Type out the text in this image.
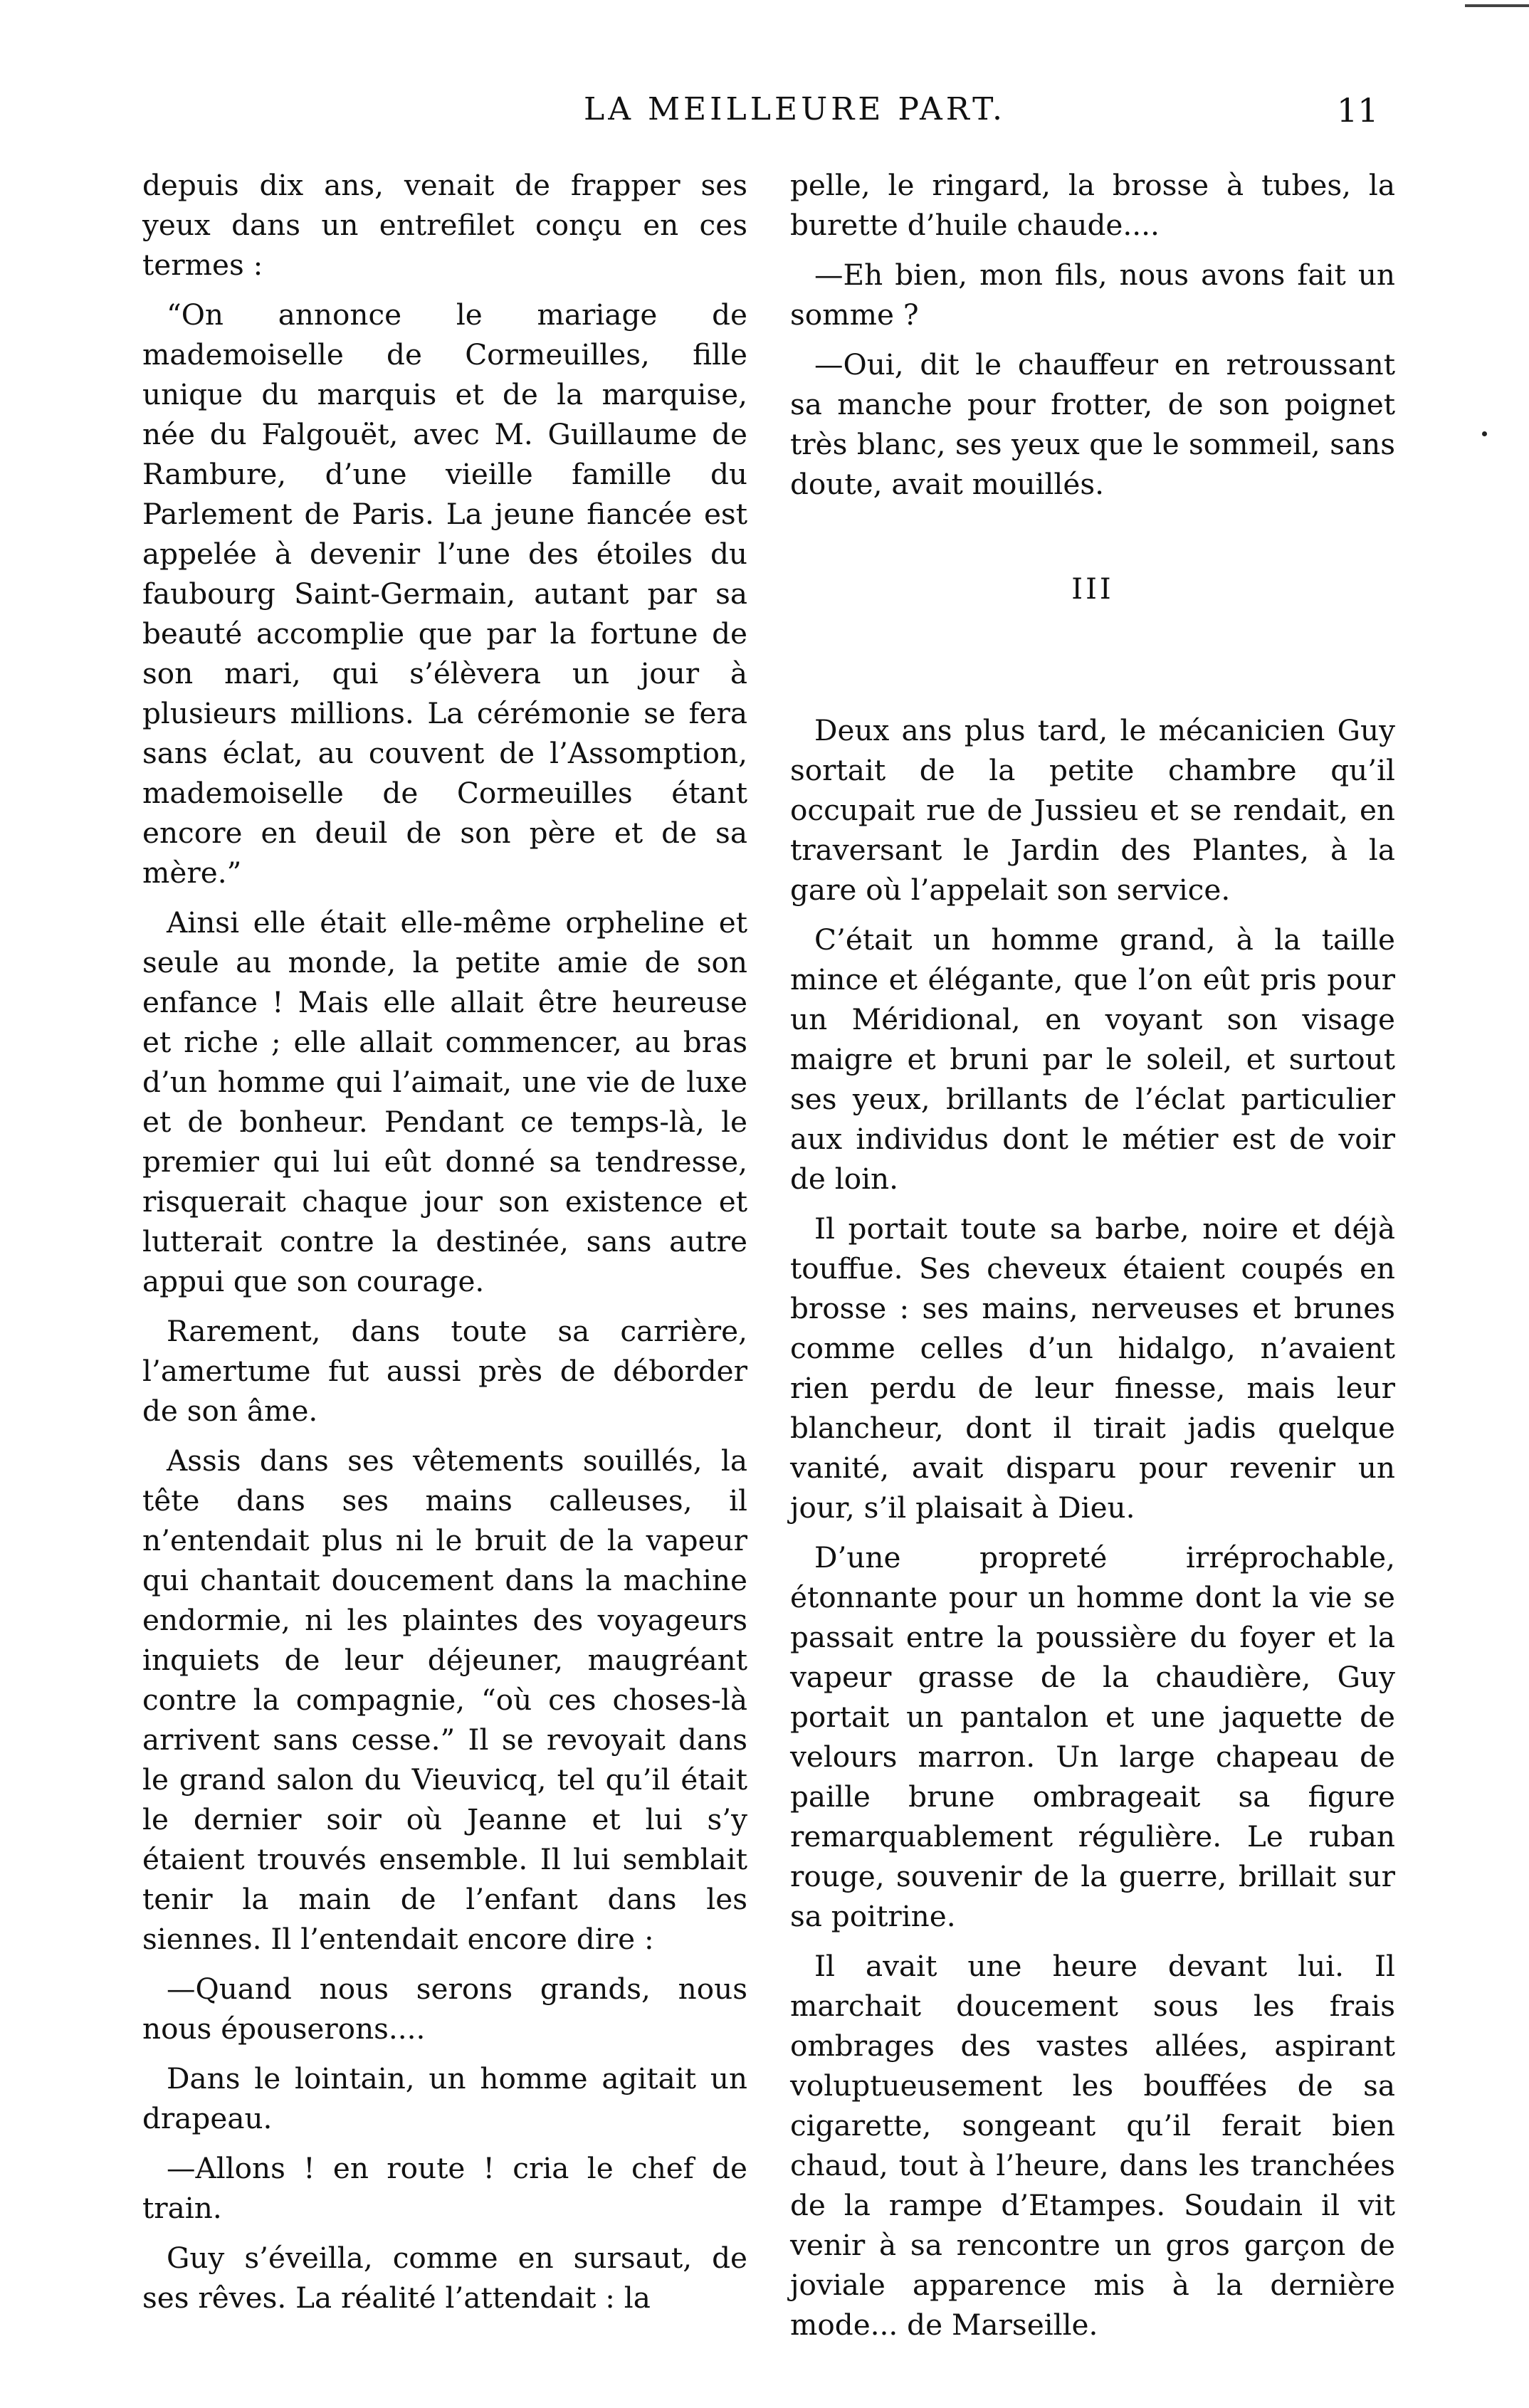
LA MEILLEURE PART.	11

depuis dix ans, venait de frapper ses yeux dans un entrefilet conçu en ces termes :

“On annonce le mariage de mademoiselle de Cormeuilles, fille unique du marquis et de la marquise, née du Falgouët, avec M. Guillaume de Rambure, d’une vieille famille du Parlement de Paris. La jeune fiancée est appelée à devenir l’une des étoiles du faubourg Saint-Germain, autant par sa beauté accomplie que par la fortune de son mari, qui s’élèvera un jour à plusieurs millions. La cérémonie se fera sans éclat, au couvent de l’Assomption, mademoiselle de Cormeuilles étant encore en deuil de son père et de sa mère.”

Ainsi elle était elle-même orpheline et seule au monde, la petite amie de son enfance ! Mais elle allait être heureuse et riche ; elle allait commencer, au bras d’un homme qui l’aimait, une vie de luxe et de bonheur. Pendant ce temps-là, le premier qui lui eût donné sa tendresse, risquerait chaque jour son existence et lutterait contre la destinée, sans autre appui que son courage.

Rarement, dans toute sa carrière, l’amertume fut aussi près de déborder de son âme.

Assis dans ses vêtements souillés, la tête dans ses mains calleuses, il n’entendait plus ni le bruit de la vapeur qui chantait doucement dans la machine endormie, ni les plaintes des voyageurs inquiets de leur déjeuner, maugréant contre la compagnie, “où ces choses-là arrivent sans cesse.” Il se revoyait dans le grand salon du Vieuvicq, tel qu’il était le dernier soir où Jeanne et lui s’y étaient trouvés ensemble. Il lui semblait tenir la main de l’enfant dans les siennes. Il l’entendait encore dire :

—Quand nous serons grands, nous nous épouserons....

Dans le lointain, un homme agitait un drapeau.

—Allons ! en route ! cria le chef de train.

Guy s’éveilla, comme en sursaut, de ses rêves. La réalité l’attendait : la

pelle, le ringard, la brosse à tubes, la burette d’huile chaude....

—Eh bien, mon fils, nous avons fait un somme ?

—Oui, dit le chauffeur en retroussant sa manche pour frotter, de son poignet très blanc, ses yeux que le sommeil, sans doute, avait mouillés.

III

Deux ans plus tard, le mécanicien Guy sortait de la petite chambre qu’il occupait rue de Jussieu et se rendait, en traversant le Jardin des Plantes, à la gare où l’appelait son service.

C’était un homme grand, à la taille mince et élégante, que l’on eût pris pour un Méridional, en voyant son visage maigre et bruni par le soleil, et surtout ses yeux, brillants de l’éclat particulier aux individus dont le métier est de voir de loin.

Il portait toute sa barbe, noire et déjà touffue. Ses cheveux étaient coupés en brosse : ses mains, nerveuses et brunes comme celles d’un hidalgo, n’avaient rien perdu de leur finesse, mais leur blancheur, dont il tirait jadis quelque vanité, avait disparu pour revenir un jour, s’il plaisait à Dieu.

D’une propreté irréprochable, étonnante pour un homme dont la vie se passait entre la poussière du foyer et la vapeur grasse de la chaudière, Guy portait un pantalon et une jaquette de velours marron. Un large chapeau de paille brune ombrageait sa figure remarquablement régulière. Le ruban rouge, souvenir de la guerre, brillait sur sa poitrine.

Il avait une heure devant lui. Il marchait doucement sous les frais ombrages des vastes allées, aspirant voluptueusement les bouffées de sa cigarette, songeant qu’il ferait bien chaud, tout à l’heure, dans les tranchées de la rampe d’Etampes. Soudain il vit venir à sa rencontre un gros garçon de joviale apparence mis à la dernière mode... de Marseille.
